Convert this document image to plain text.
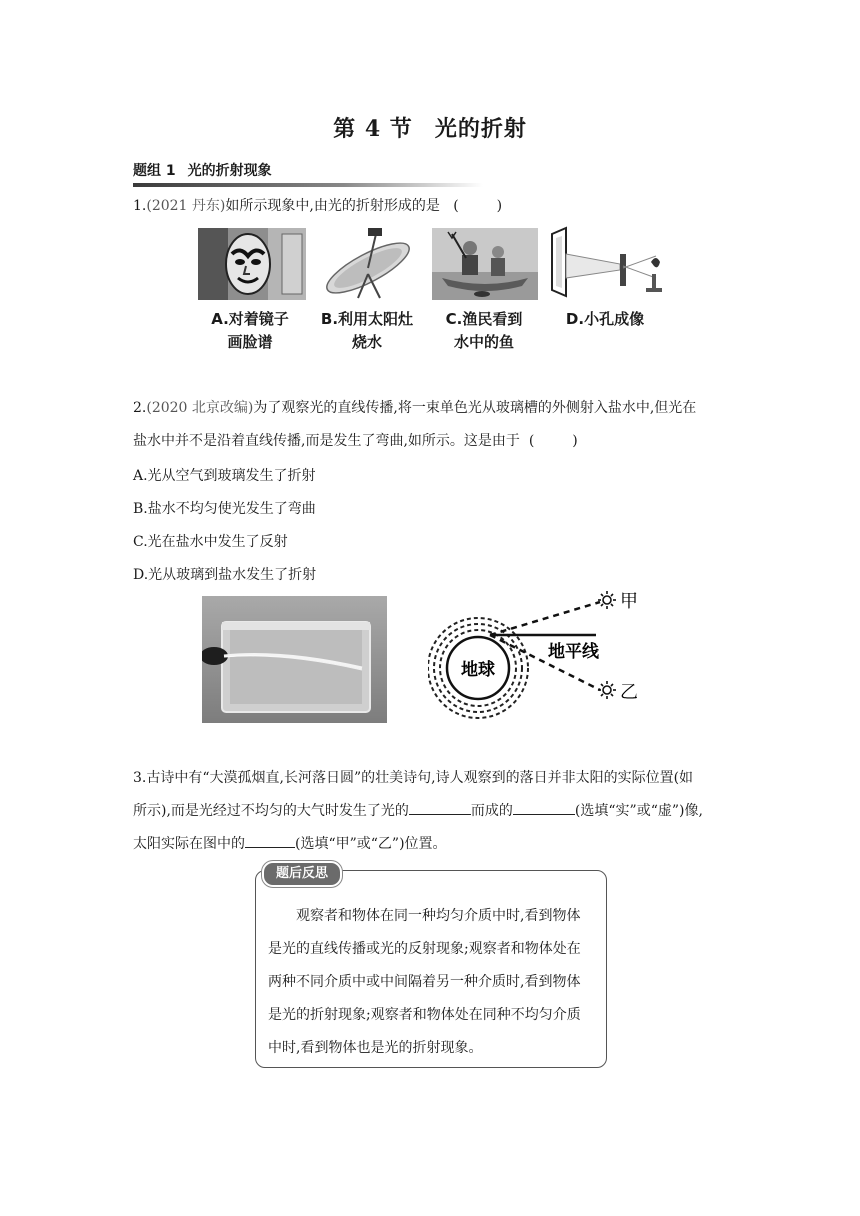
第 4 节 光的折射
题组 1 光的折射现象
1.(2021 丹东)如所示现象中,由光的折射形成的是 (	)
A.对着镜子
画脸谱
B.利用太阳灶
烧水
C.渔民看到
水中的鱼
D.小孔成像
2.(2020 北京改编)为了观察光的直线传播,将一束单色光从玻璃槽的外侧射入盐水中,但光在
盐水中并不是沿着直线传播,而是发生了弯曲,如所示。这是由于 (	)
A.光从空气到玻璃发生了折射
B.盐水不均匀使光发生了弯曲
C.光在盐水中发生了反射
D.光从玻璃到盐水发生了折射
地球
地平线
甲
乙
3.古诗中有“大漠孤烟直,长河落日圆”的壮美诗句,诗人观察到的落日并非太阳的实际位置(如
所示),而是光经过不均匀的大气时发生了光的	而成的	(选填“实”或“虚”)像,
太阳实际在图中的	(选填“甲”或“乙”)位置。
题后反思
观察者和物体在同一种均匀介质中时,看到物体
是光的直线传播或光的反射现象;观察者和物体处在
两种不同介质中或中间隔着另一种介质时,看到物体
是光的折射现象;观察者和物体处在同种不均匀介质
中时,看到物体也是光的折射现象。
